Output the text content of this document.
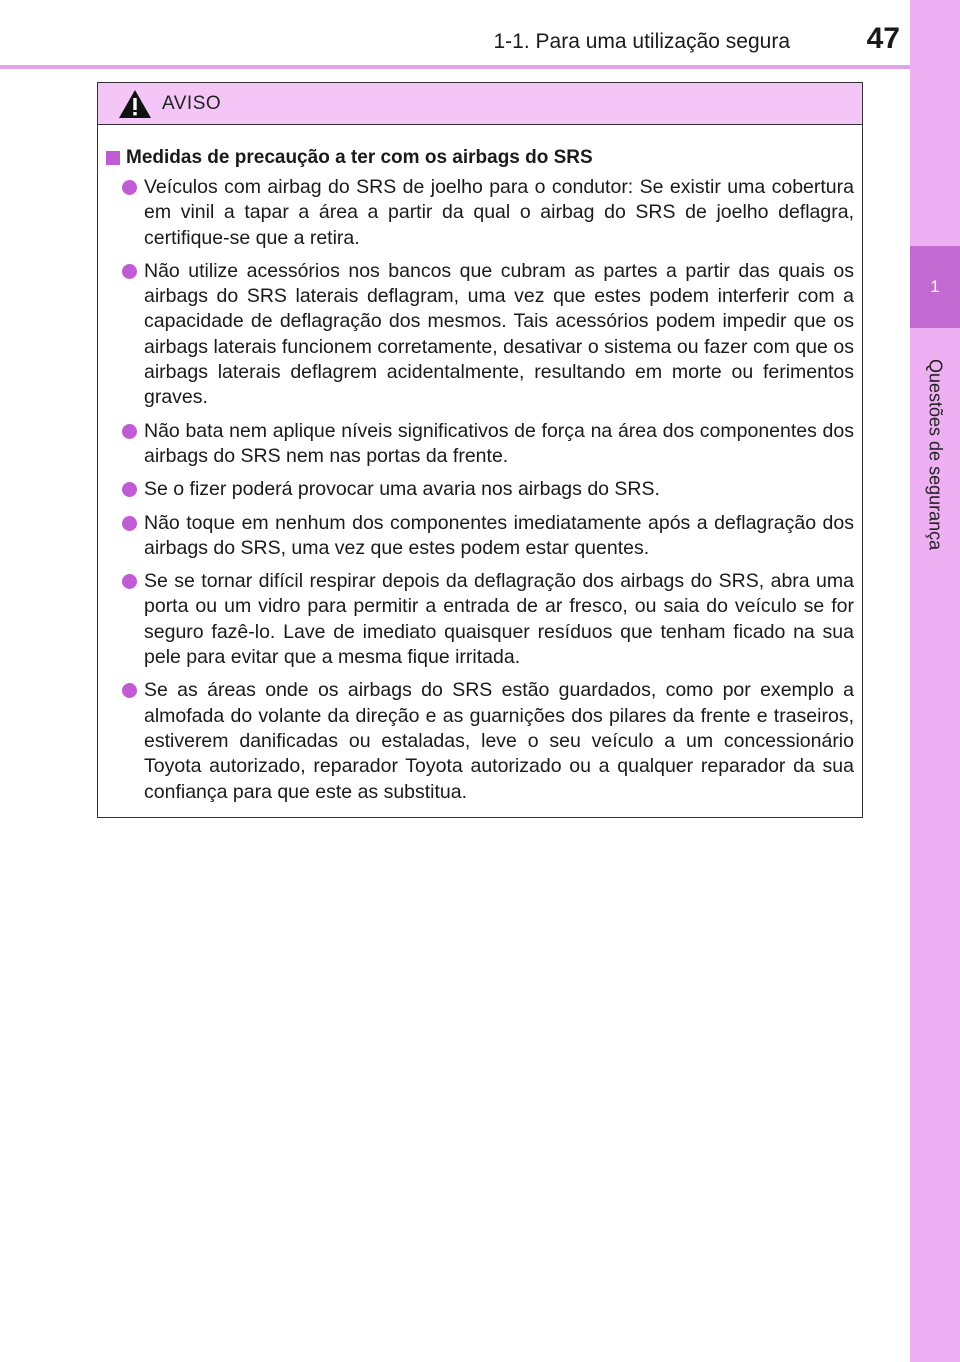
1-1. Para uma utilização segura	47
1
Questões de segurança
AVISO
Medidas de precaução a ter com os airbags do SRS
Veículos com airbag do SRS de joelho para o condutor: Se existir uma cobertura em vinil a tapar a área a partir da qual o airbag do SRS de joelho deflagra, certifique-se que a retira.
Não utilize acessórios nos bancos que cubram as partes a partir das quais os airbags do SRS laterais deflagram, uma vez que estes podem interferir com a capacidade de deflagração dos mesmos. Tais acessórios podem impedir que os airbags laterais funcionem corretamente, desativar o sistema ou fazer com que os airbags laterais deflagrem acidentalmente, resultando em morte ou ferimentos graves.
Não bata nem aplique níveis significativos de força na área dos componentes dos airbags do SRS nem nas portas da frente.
Se o fizer poderá provocar uma avaria nos airbags do SRS.
Não toque em nenhum dos componentes imediatamente após a deflagração dos airbags do SRS, uma vez que estes podem estar quentes.
Se se tornar difícil respirar depois da deflagração dos airbags do SRS, abra uma porta ou um vidro para permitir a entrada de ar fresco, ou saia do veículo se for seguro fazê-lo. Lave de imediato quaisquer resíduos que tenham ficado na sua pele para evitar que a mesma fique irritada.
Se as áreas onde os airbags do SRS estão guardados, como por exemplo a almofada do volante da direção e as guarnições dos pilares da frente e traseiros, estiverem danificadas ou estaladas, leve o seu veículo a um concessionário Toyota autorizado, reparador Toyota autorizado ou a qualquer reparador da sua confiança para que este as substitua.
